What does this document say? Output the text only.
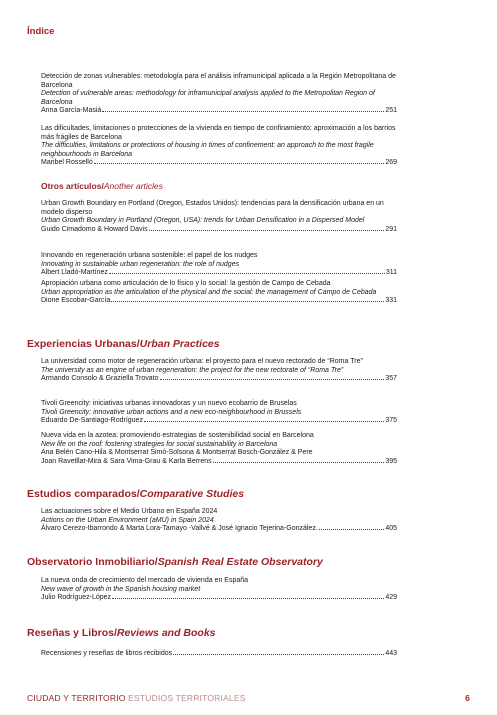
Índice
Detección de zonas vulnerables: metodología para el análisis inframunicipal aplicada a la Región Metropolitana de Barcelona
Detection of vulnerable areas: methodology for inframunicipal analysis applied to the Metropolitan Region of Barcelona
Anna García-Masiá	251
Las dificultades, limitaciones o protecciones de la vivienda en tiempo de confinamiento: aproximación a los barrios más frágiles de Barcelona
The difficulties, limitations or protections of housing in times of confinement: an approach to the most fragile neighbourhoods in Barcelona
Maribel Rosselló	269
Otros artículos/Another articles
Urban Growth Boundary en Portland (Oregon, Estados Unidos): tendencias para la densificación urbana en un modelo disperso
Urban Growth Boundary in Portland (Oregon, USA): trends for Urban Densification in a Dispersed Model
Guido Cimadomo & Howard Davis	291
Innovando en regeneración urbana sostenible: el papel de los nudges
Innovating in sustainable urban regeneration: the role of nudges
Albert Lladó-Martínez	311
Apropiación urbana como articulación de lo físico y lo social: la gestión de Campo de Cebada
Urban appropriation as the articulation of the physical and the social: the management of Campo de Cebada
Dione Escobar-García	331
Experiencias Urbanas/Urban Practices
La universidad como motor de regeneración urbana: el proyecto para el nuevo rectorado de “Roma Tre”
The university as an engine of urban regeneration: the project for the new rectorate of “Roma Tre”
Armando Consolo & Graziella Trovato	357
Tivoli Greencity: iniciativas urbanas innovadoras y un nuevo ecobarrio de Bruselas
Tivoli Greencity: innovative urban actions and a new eco-neighbourhood in Brussels
Eduardo De-Santiago-Rodríguez	375
Nueva vida en la azotea: promoviendo estrategias de sostenibilidad social en Barcelona
New life on the roof: fostering strategies for social sustainability in Barcelona
Ana Belén Cano-Hila & Montserrat Simó-Solsona & Montserrat Bosch-González & Pere
Joan Ravetllat-Mira & Sara Vima-Grau & Karla Berrens	395
Estudios comparados/Comparative Studies
Las actuaciones sobre el Medio Urbano en España 2024
Actions on the Urban Environment (aMU) in Spain 2024
Álvaro Cerezo-Ibarrondo & Marta Lora-Tamayo -Vallvé & José Ignacio Tejerina-González.	405
Observatorio Inmobiliario/Spanish Real Estate Observatory
La nueva onda de crecimiento del mercado de vivienda en España
New wave of growth in the Spanish housing market
Julio Rodríguez-López	429
Reseñas y Libros/Reviews and Books
Recensiones y reseñas de libros recibidos	443
CIUDAD Y TERRITORIO ESTUDIOS TERRITORIALES	6
